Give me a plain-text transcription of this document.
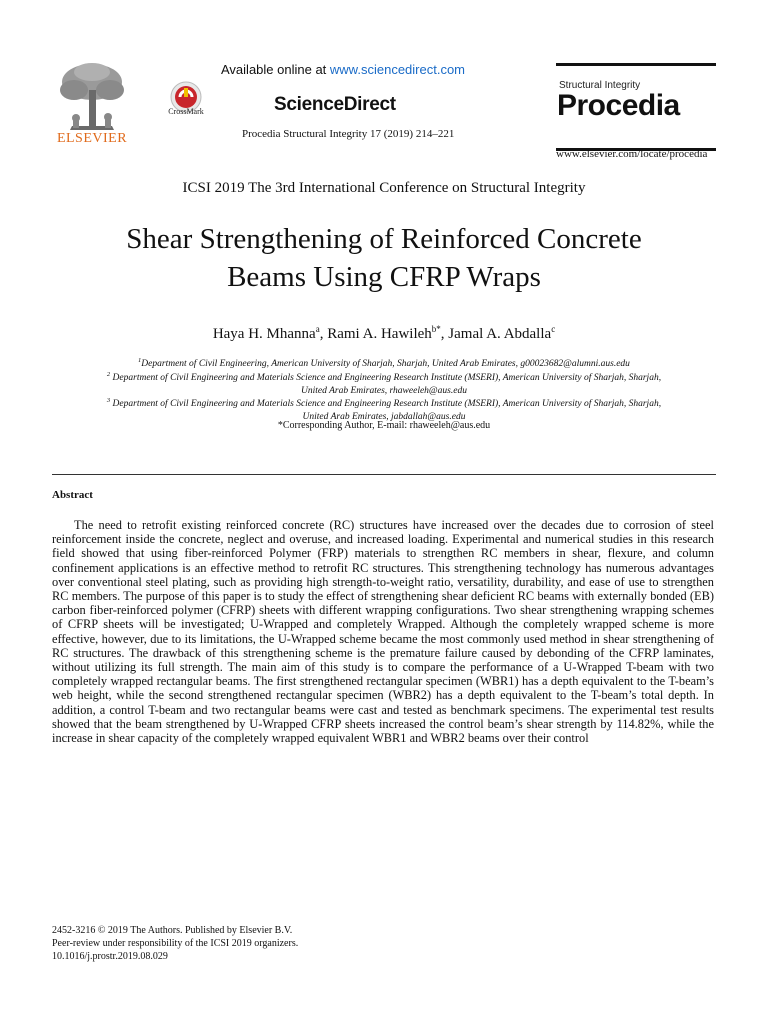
ELSEVIER
CrossMark
Available online at www.sciencedirect.com
ScienceDirect
Procedia Structural Integrity 17 (2019) 214–221
Structural Integrity
Procedia
www.elsevier.com/locate/procedia
ICSI 2019 The 3rd International Conference on Structural Integrity
Shear Strengthening of Reinforced Concrete
Beams Using CFRP Wraps
Haya H. Mhanna$^a$, Rami A. Hawileh$^{b*}$, Jamal A. Abdalla$^c$
$^1$Department of Civil Engineering, American University of Sharjah, Sharjah, United Arab Emirates, g00023682@alumni.aus.edu
$^2$ Department of Civil Engineering and Materials Science and Engineering Research Institute (MSERI), American University of Sharjah, Sharjah,
United Arab Emirates, rhaweeleh@aus.edu
$^3$ Department of Civil Engineering and Materials Science and Engineering Research Institute (MSERI), American University of Sharjah, Sharjah,
United Arab Emirates, jabdallah@aus.edu
*Corresponding Author, E-mail: rhaweeleh@aus.edu
Abstract
The need to retrofit existing reinforced concrete (RC) structures have increased over the decades due to corrosion of steel reinforcement inside the concrete, neglect and overuse, and increased loading. Experimental and numerical studies in this research field showed that using fiber-reinforced Polymer (FRP) materials to strengthen RC members in shear, flexure, and column confinement applications is an effective method to retrofit RC structures. This strengthening technology has numerous advantages over conventional steel plating, such as providing high strength-to-weight ratio, versatility, durability, and ease of use to strengthen RC members. The purpose of this paper is to study the effect of strengthening shear deficient RC beams with externally bonded (EB) carbon fiber-reinforced polymer (CFRP) sheets with different wrapping configurations. Two shear strengthening wrapping schemes of CFRP sheets will be investigated; U-Wrapped and completely Wrapped. Although the completely wrapped scheme is more effective, however, due to its limitations, the U-Wrapped scheme became the most commonly used method in shear strengthening of RC structures. The drawback of this strengthening scheme is the premature failure caused by debonding of the CFRP laminates, without utilizing its full strength. The main aim of this study is to compare the performance of a U-Wrapped T-beam with two completely wrapped rectangular beams. The first strengthened rectangular specimen (WBR1) has a depth equivalent to the T-beam’s web height, while the second strengthened rectangular specimen (WBR2) has a depth equivalent to the T-beam’s total depth. In addition, a control T-beam and two rectangular beams were cast and tested as benchmark specimens. The experimental test results showed that the beam strengthened by U-Wrapped CFRP sheets increased the control beam’s shear strength by 114.82%, while the increase in shear capacity of the completely wrapped equivalent WBR1 and WBR2 beams over their control
2452-3216 © 2019 The Authors. Published by Elsevier B.V.
Peer-review under responsibility of the ICSI 2019 organizers.
10.1016/j.prostr.2019.08.029
